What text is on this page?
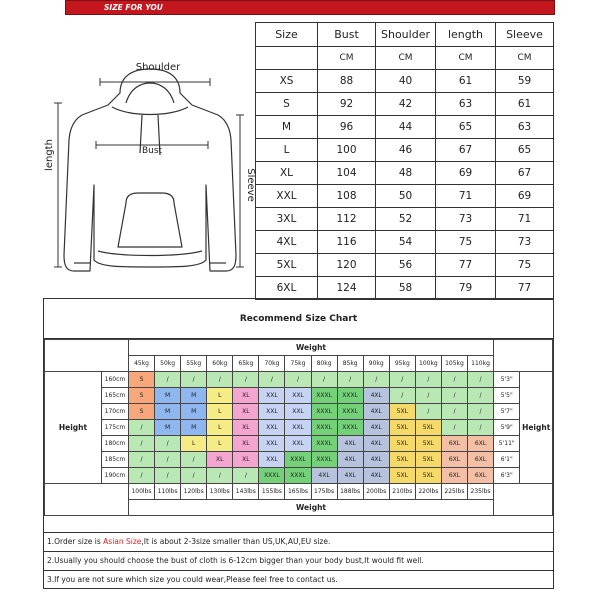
SIZE FOR YOU
Shoulder
Bust
length
Sleeve
Size	Bust	Shoulder	length	Sleeve
	CM	CM	CM	CM
XS	88	40	61	59
S	92	42	63	61
M	96	44	65	63
L	100	46	67	65
XL	104	48	69	67
XXL	108	50	71	69
3XL	112	52	73	71
4XL	116	54	75	73
5XL	120	56	77	75
6XL	124	58	79	77
Recommend Size Chart
		Weight															
		45kg	50kg	55kg	60kg	65kg	70kg	75kg	80kg	85kg	90kg	95kg	100kg	105kg	110kg		
Height	160cm	S	/	/	/	/	/	/	/	/	/	/	/	/	/	5'3"	Height
	165cm	S	M	M	L	XL	XXL	XXL	XXXL	XXXL	4XL	/	/	/	/	5'5"	
	170cm	S	M	M	L	XL	XXL	XXL	XXXL	XXXL	4XL	5XL	/	/	/	5'7"	
	175cm	/	M	M	L	XL	XXL	XXL	XXXL	XXXL	4XL	5XL	5XL	/	/	5'9"	
	180cm	/	/	L	L	XL	XXL	XXL	XXXL	4XL	4XL	5XL	5XL	6XL	6XL	5'11"	
	185cm	/	/	/	XL	XL	XXL	XXXL	XXXL	4XL	4XL	5XL	5XL	6XL	6XL	6'1"	
	190cm	/	/	/	/	/	XXXL	XXXL	4XL	4XL	4XL	5XL	5XL	6XL	6XL	6'3"	
		100lbs	110lbs	120lbs	130lbs	143lbs	155lbs	165lbs	175lbs	188lbs	200lbs	210lbs	220lbs	225lbs	235lbs		
		Weight															
1.Order size is Asian Size,It is about 2-3size smaller than US,UK,AU,EU size.
2.Usually you should choose the bust of cloth is 6-12cm bigger than your body bust,It would fit well.
3.If you are not sure which size you could wear,Please feel free to contact us.
